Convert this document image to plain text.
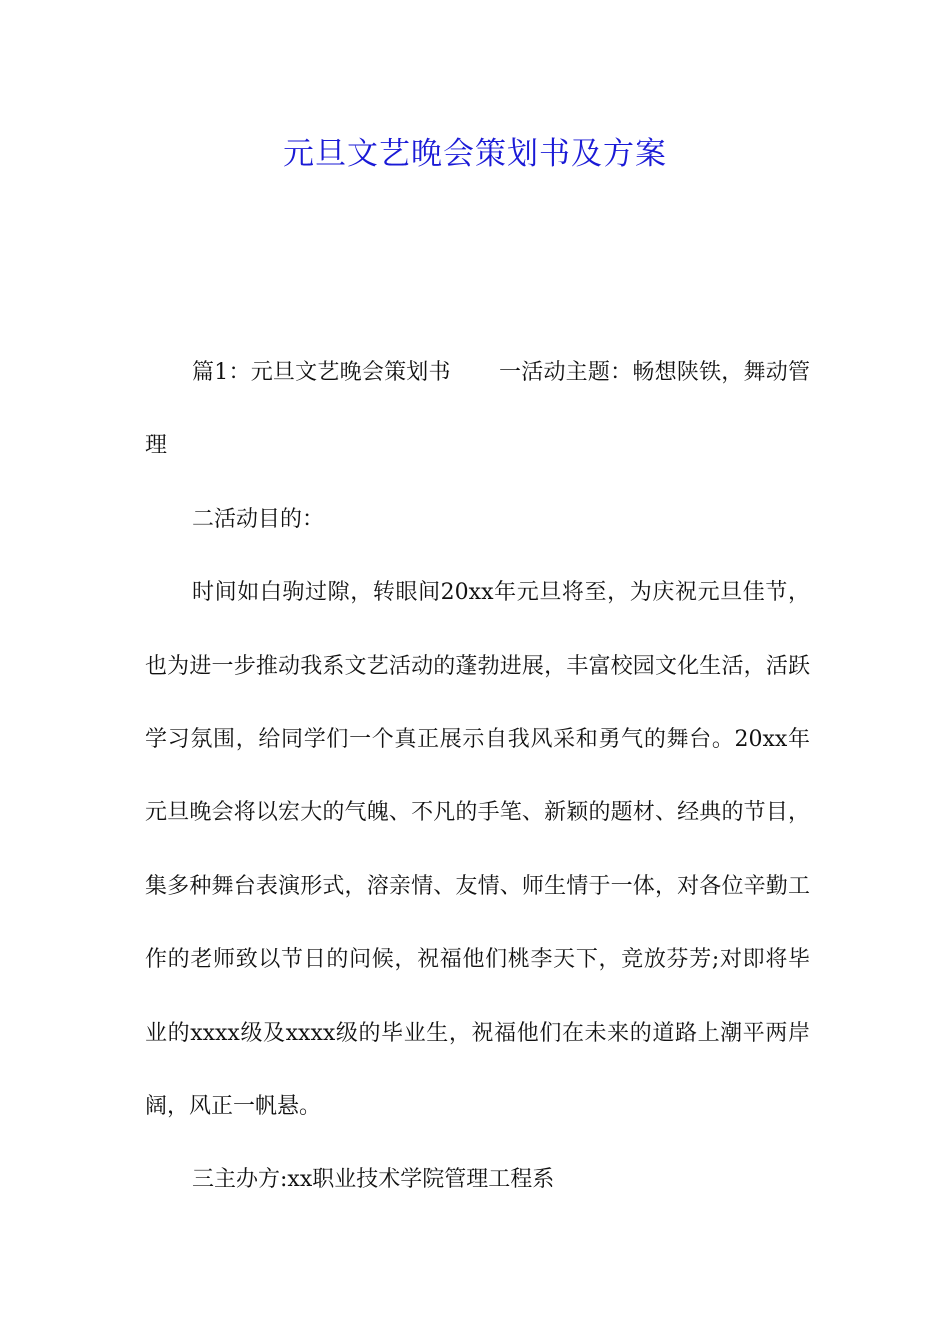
元旦文艺晚会策划书及方案

篇1：元旦文艺晚会策划书 一活动主题：畅想陕铁，舞动管理

二活动目的：

时间如白驹过隙，转眼间20xx年元旦将至，为庆祝元旦佳节，也为进一步推动我系文艺活动的蓬勃进展，丰富校园文化生活，活跃学习氛围，给同学们一个真正展示自我风采和勇气的舞台。20xx年元旦晚会将以宏大的气魄、不凡的手笔、新颖的题材、经典的节目，集多种舞台表演形式，溶亲情、友情、师生情于一体，对各位辛勤工作的老师致以节日的问候，祝福他们桃李天下，竞放芬芳;对即将毕业的xxxx级及xxxx级的毕业生，祝福他们在未来的道路上潮平两岸阔，风正一帆悬。

三主办方:xx职业技术学院管理工程系
